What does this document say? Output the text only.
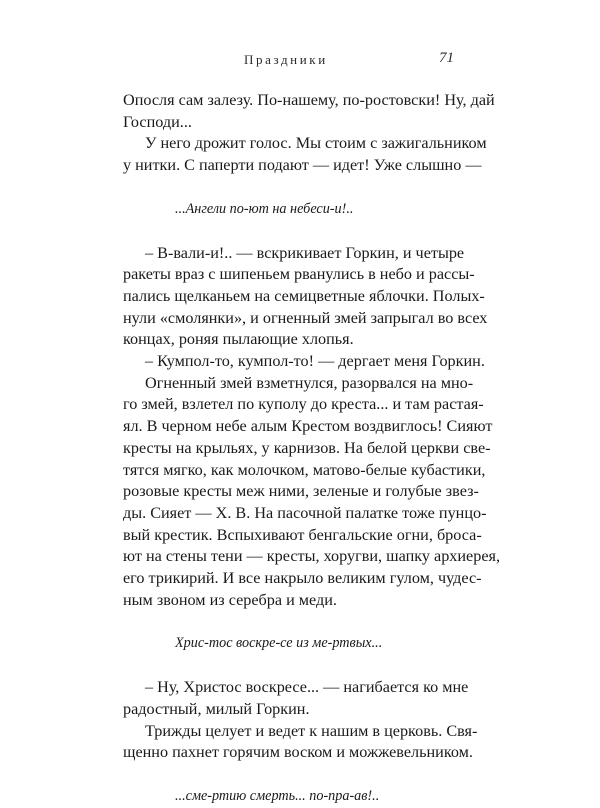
Праздники	71
Опосля сам залезу. По-нашему, по-ростовски! Ну, дай
Господи...
У него дрожит голос. Мы стоим с зажигальником
у нитки. С паперти подают — идет! Уже слышно —
...Ангели по-ют на небеси-и!..
– В-вали-и!.. — вскрикивает Горкин, и четыре
ракеты враз с шипеньем рванулись в небо и рассы-
пались щелканьем на семицветные яблочки. Полых-
нули «смолянки», и огненный змей запрыгал во всех
концах, роняя пылающие хлопья.
– Кумпол-то, кумпол-то! — дергает меня Горкин.
Огненный змей взметнулся, разорвался на мно-
го змей, взлетел по куполу до креста... и там растая-
ял. В черном небе алым Крестом воздвиглось! Сияют
кресты на крыльях, у карнизов. На белой церкви све-
тятся мягко, как молочком, матово-белые кубастики,
розовые кресты меж ними, зеленые и голубые звез-
ды. Сияет — Х. В. На пасочной палатке тоже пунцо-
вый крестик. Вспыхивают бенгальские огни, броса-
ют на стены тени — кресты, хоругви, шапку архиерея,
его трикирий. И все накрыло великим гулом, чудес-
ным звоном из серебра и меди.
Хрис-тос воскре-се из ме-ртвых...
– Ну, Христос воскресе... — нагибается ко мне
радостный, милый Горкин.
Трижды целует и ведет к нашим в церковь. Свя-
щенно пахнет горячим воском и можжевельником.
...сме-ртию смерть... по-пра-ав!..
